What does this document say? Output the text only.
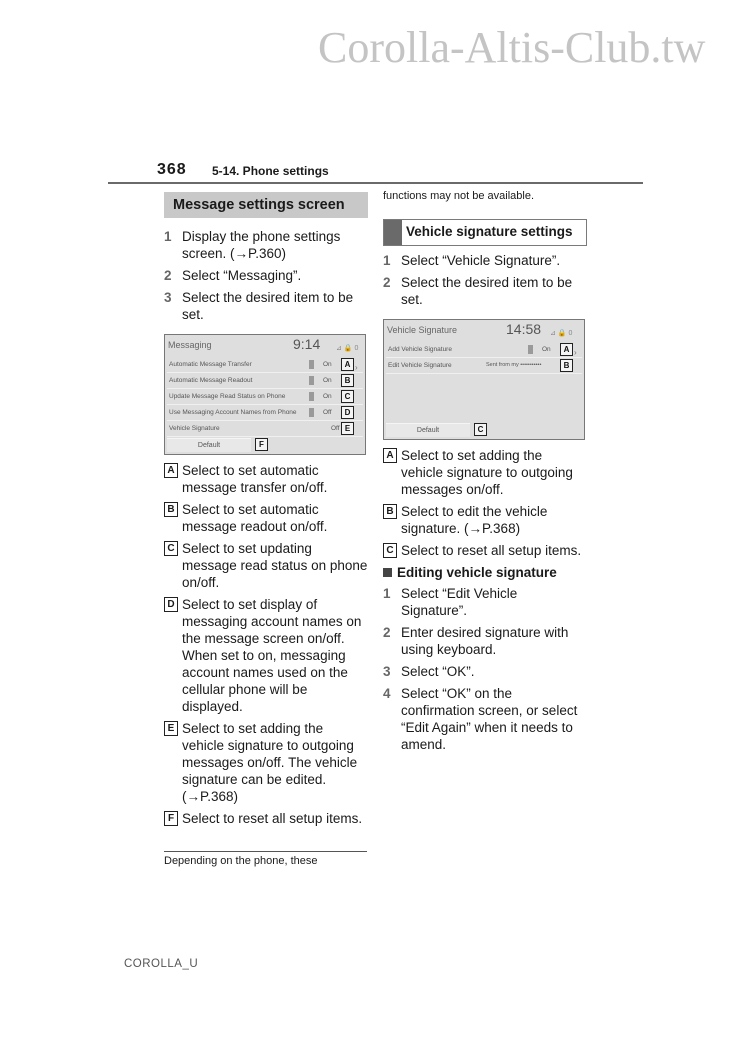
Corolla-Altis-Club.tw
368 5-14. Phone settings
Message settings screen
1 Display the phone settings screen. (→P.360)
2 Select “Messaging”.
3 Select the desired item to be set.
Messaging	9:14 ⊿ 🔒 0
Automatic Message Transfer	On	A ›
Automatic Message Readout	On	B
Update Message Read Status on Phone	On	C
Use Messaging Account Names from Phone	Off	D
Vehicle Signature	Off E
Default	F
A Select to set automatic message transfer on/off.
B Select to set automatic message readout on/off.
C Select to set updating message read status on phone on/off.
D Select to set display of messaging account names on the message screen on/off. When set to on, messaging account names used on the cellular phone will be displayed.
E Select to set adding the vehicle signature to outgoing messages on/off. The vehicle signature can be edited. (→P.368)
F Select to reset all setup items.
Depending on the phone, these
functions may not be available.
Vehicle signature settings
1 Select “Vehicle Signature”.
2 Select the desired item to be set.
Vehicle Signature	14:58 ⊿ 🔒 0
Add Vehicle Signature	On	A ›
Edit Vehicle Signature	Sent from my •••••••••••	B
Default	C
A Select to set adding the vehicle signature to outgoing messages on/off.
B Select to edit the vehicle signature. (→P.368)
C Select to reset all setup items.
Editing vehicle signature
1 Select “Edit Vehicle Signature”.
2 Enter desired signature with using keyboard.
3 Select “OK”.
4 Select “OK” on the confirmation screen, or select “Edit Again” when it needs to amend.
COROLLA_U
